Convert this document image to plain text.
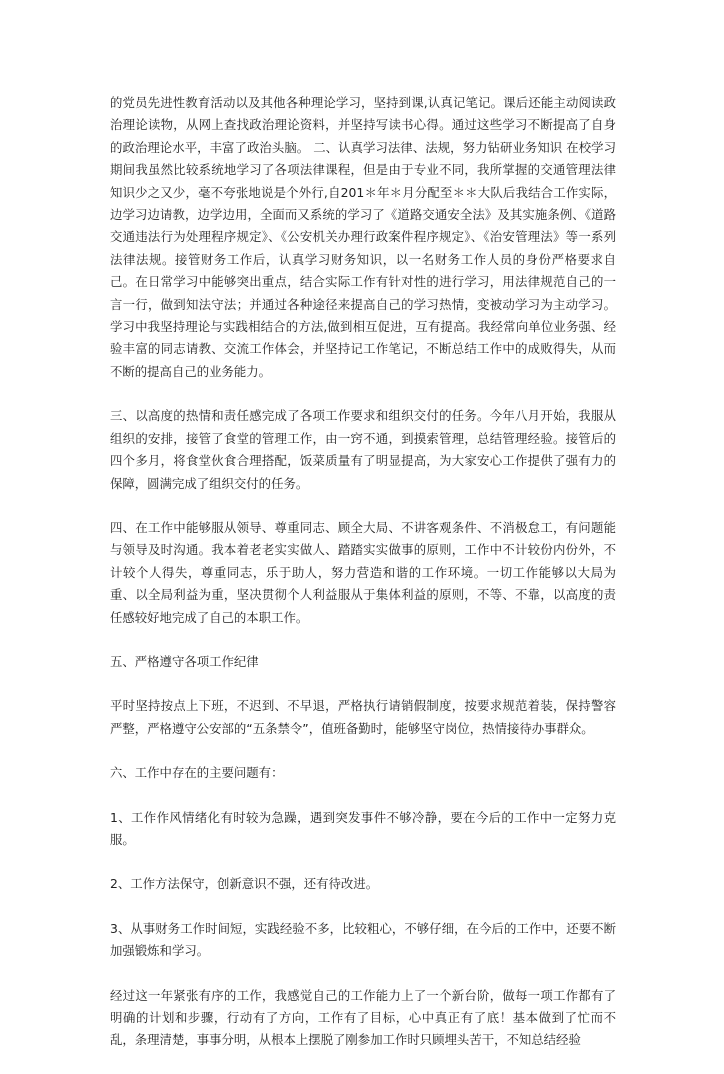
的党员先进性教育活动以及其他各种理论学习，坚持到课,认真记笔记。课后还能主动阅读政治理论读物，从网上查找政治理论资料，并坚持写读书心得。通过这些学习不断提高了自身的政治理论水平，丰富了政治头脑。 二、认真学习法律、法规，努力钻研业务知识 在校学习期间我虽然比较系统地学习了各项法律课程，但是由于专业不同，我所掌握的交通管理法律知识少之又少，毫不夸张地说是个外行,自201＊年＊月分配至＊＊大队后我结合工作实际，边学习边请教，边学边用，全面而又系统的学习了《道路交通安全法》及其实施条例、《道路交通违法行为处理程序规定》、《公安机关办理行政案件程序规定》、《治安管理法》等一系列法律法规。接管财务工作后，认真学习财务知识，以一名财务工作人员的身份严格要求自己。在日常学习中能够突出重点，结合实际工作有针对性的进行学习，用法律规范自己的一言一行，做到知法守法；并通过各种途径来提高自己的学习热情，变被动学习为主动学习。学习中我坚持理论与实践相结合的方法,做到相互促进，互有提高。我经常向单位业务强、经验丰富的同志请教、交流工作体会，并坚持记工作笔记，不断总结工作中的成败得失，从而不断的提高自己的业务能力。

三、以高度的热情和责任感完成了各项工作要求和组织交付的任务。今年八月开始，我服从组织的安排，接管了食堂的管理工作，由一窍不通，到摸索管理，总结管理经验。接管后的四个多月，将食堂伙食合理搭配，饭菜质量有了明显提高，为大家安心工作提供了强有力的保障，圆满完成了组织交付的任务。

四、在工作中能够服从领导、尊重同志、顾全大局、不讲客观条件、不消极怠工，有问题能与领导及时沟通。我本着老老实实做人、踏踏实实做事的原则，工作中不计较份内份外，不计较个人得失，尊重同志，乐于助人，努力营造和谐的工作环境。一切工作能够以大局为重、以全局利益为重，坚决贯彻个人利益服从于集体利益的原则，不等、不靠，以高度的责任感较好地完成了自己的本职工作。

五、严格遵守各项工作纪律

平时坚持按点上下班，不迟到、不早退，严格执行请销假制度，按要求规范着装，保持警容严整，严格遵守公安部的“五条禁令”，值班备勤时，能够坚守岗位，热情接待办事群众。

六、工作中存在的主要问题有：

1、工作作风情绪化有时较为急躁，遇到突发事件不够冷静，要在今后的工作中一定努力克服。

2、工作方法保守，创新意识不强，还有待改进。

3、从事财务工作时间短，实践经验不多，比较粗心，不够仔细，在今后的工作中，还要不断加强锻炼和学习。

经过这一年紧张有序的工作，我感觉自己的工作能力上了一个新台阶，做每一项工作都有了明确的计划和步骤，行动有了方向，工作有了目标，心中真正有了底！基本做到了忙而不乱，条理清楚，事事分明，从根本上摆脱了刚参加工作时只顾埋头苦干，不知总结经验
